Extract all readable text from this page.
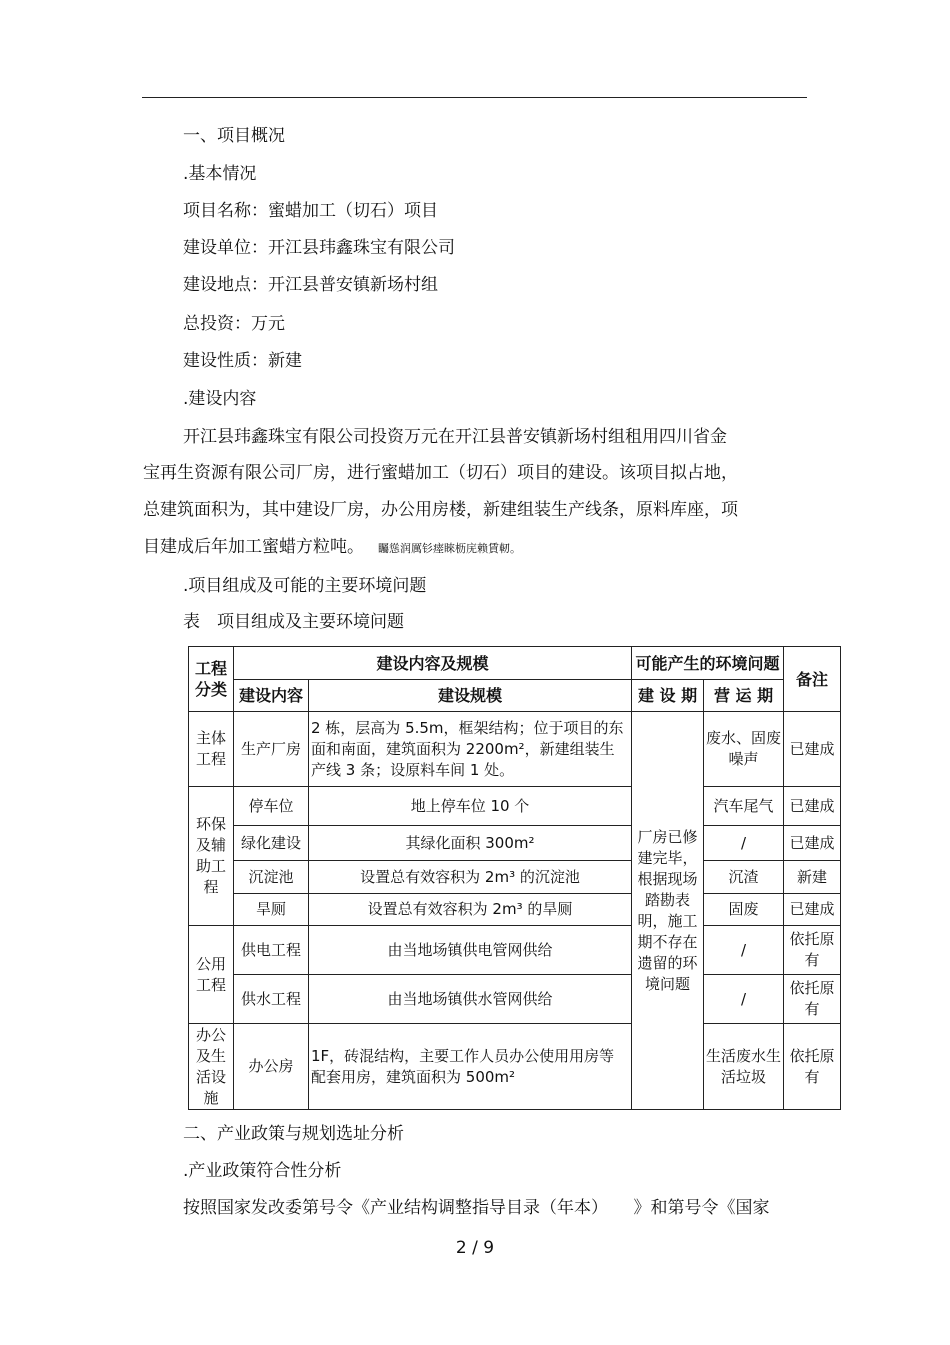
一、项目概况
.基本情况
项目名称：蜜蜡加工（切石）项目
建设单位：开江县玮鑫珠宝有限公司
建设地点：开江县普安镇新场村组
总投资：万元
建设性质：新建
.建设内容
开江县玮鑫珠宝有限公司投资万元在开江县普安镇新场村组租用四川省金
宝再生资源有限公司厂房，进行蜜蜡加工（切石）项目的建设。该项目拟占地，
总建筑面积为，其中建设厂房，办公用房楼，新建组装生产线条，原料库座，项
目建成后年加工蜜蜡方粒吨。 矚慫润厲钐瘗睞枥庑赖賃軔。
.项目组成及可能的主要环境问题
表　项目组成及主要环境问题
工程分类	建设内容及规模		可能产生的环境问题		备注
	建设内容	建设规模	建 设 期	营 运 期	
主体工程	生产厂房	2 栋，层高为 5.5m，框架结构；位于项目的东面和南面，建筑面积为 2200m²，新建组装生产线 3 条；设原料车间 1 处。	厂房已修建完毕，根据现场踏勘表明，施工期不存在遗留的环境问题	废水、固废噪声	已建成
环保及辅助工程	停车位	地上停车位 10 个		汽车尾气	已建成
	绿化建设	其绿化面积 300m²		/	已建成
	沉淀池	设置总有效容积为 2m³ 的沉淀池		沉渣	新建
	旱厕	设置总有效容积为 2m³ 的旱厕		固废	已建成
公用工程	供电工程	由当地场镇供电管网供给		/	依托原有
	供水工程	由当地场镇供水管网供给		/	依托原有
办公及生活设施	办公房	1F，砖混结构，主要工作人员办公使用用房等配套用房，建筑面积为 500m²		生活废水生活垃圾	依托原有
二、产业政策与规划选址分析
.产业政策符合性分析
按照国家发改委第号令《产业结构调整指导目录（年本）　　》和第号令《国家
2 / 9
